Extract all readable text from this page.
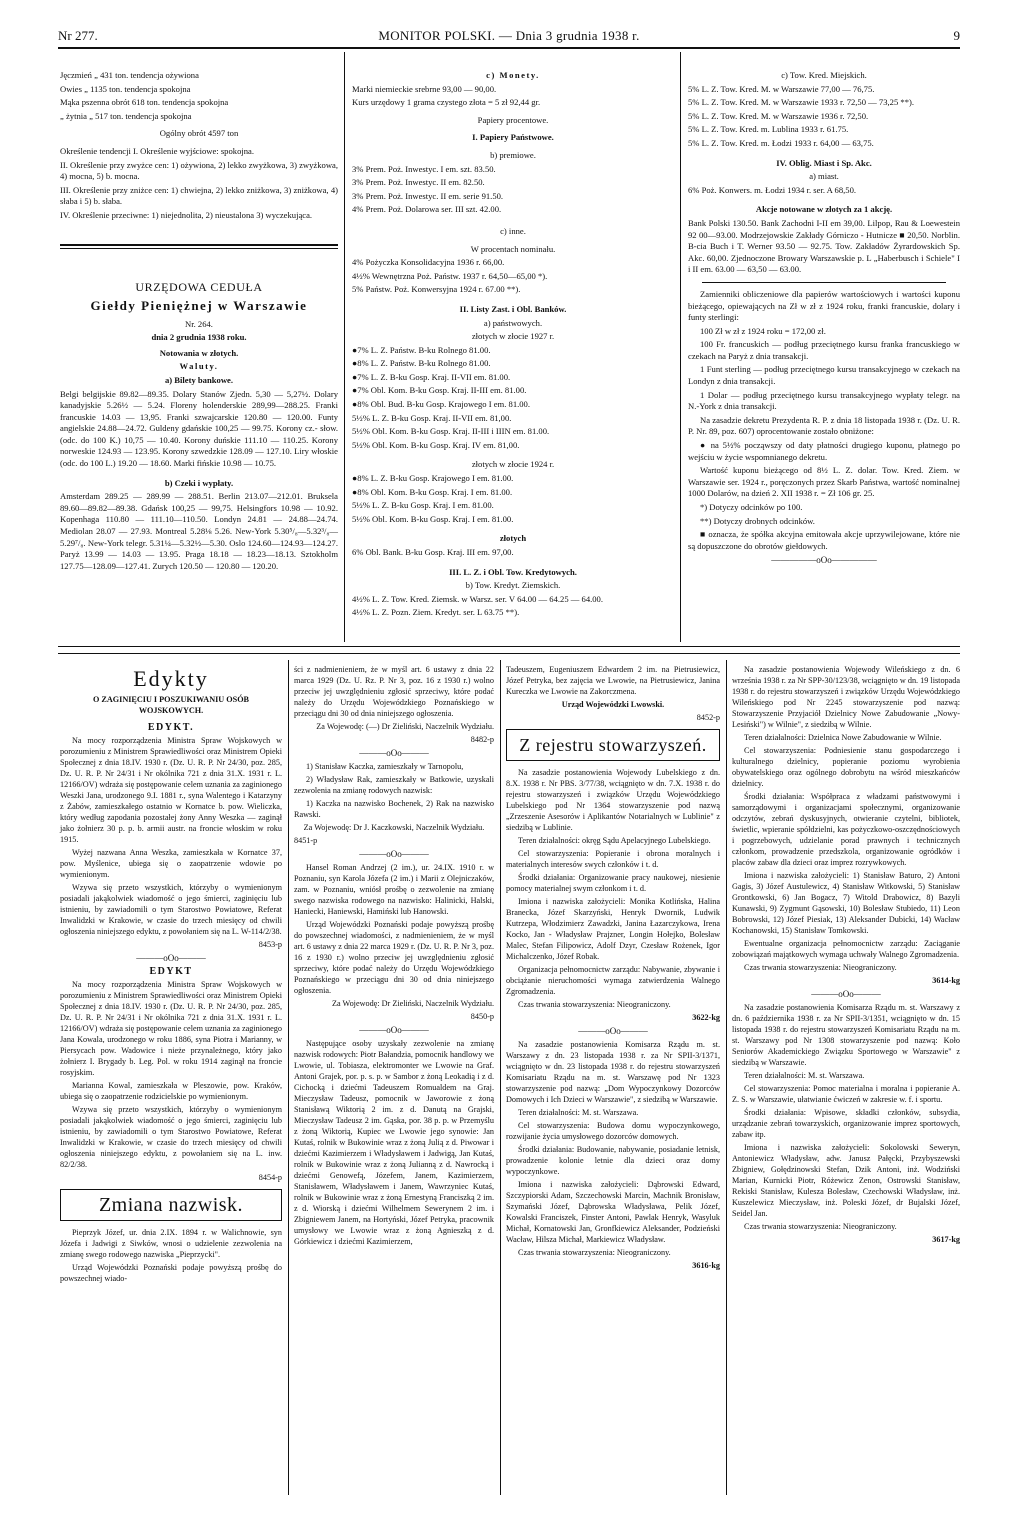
Nr 277.	MONITOR POLSKI. — Dnia 3 grudnia 1938 r.	9

Jęczmień „ 431 ton. tendencja ożywiona

Owies „ 1135 ton. tendencja spokojna

Mąka pszenna obrót 618 ton. tendencja spokojna

„ żytnia „ 517 ton. tendencja spokojna

Ogólny obrót 4597 ton

Określenie tendencji I. Określenie wyjściowe: spokojna.

II. Określenie przy zwyżce cen: 1) ożywiona, 2) lekko zwyżkowa, 3) zwyżkowa, 4) mocna, 5) b. mocna.

III. Określenie przy zniżce cen: 1) chwiejna, 2) lekko zniżkowa, 3) zniżkowa, 4) słaba i 5) b. słaba.

IV. Określenie przeciwne: 1) niejednolita, 2) nieustalona 3) wyczekująca.

URZĘDOWA CEDUŁA

Giełdy Pieniężnej w Warszawie

Nr. 264.

dnia 2 grudnia 1938 roku.

Notowania w złotych.

Waluty.

a) Bilety bankowe.

Belgi belgijskie 89.82—89.35. Dolary Stanów Zjedn. 5,30 — 5,27½. Dolary kanadyjskie 5.26½ — 5.24. Floreny holenderskie 289,99—288.25. Franki francuskie 14.03 — 13,95. Franki szwajcarskie 120.80 — 120.00. Funty angielskie 24.88—24.72. Guldeny gdańskie 100,25 — 99.75. Korony cz.- słow. (odc. do 100 K.) 10,75 — 10.40. Korony duńskie 111.10 — 110.25. Korony norweskie 124.93 — 123.95. Korony szwedzkie 128.09 — 127.10. Liry włoskie (odc. do 100 L.) 19.20 — 18.60. Marki fińskie 10.98 — 10.75.

b) Czeki i wypłaty.

Amsterdam 289.25 — 289.99 — 288.51. Berlin 213.07—212.01. Bruksela 89.60—89.82—89.38. Gdańsk 100,25 — 99,75. Helsingfors 10.98 — 10.92. Kopenhaga 110.80 — 111.10—110.50. Londyn 24.81 — 24.88—24.74. Mediolan 28.07 — 27.93. Montreal 5.28⅛ 5.26. New-York 5.30⁵/₈—5.32³/₈—5.29⁷/₈. New-York telegr. 5.31¼—5.32½—5.30. Oslo 124.60—124.93—124.27. Paryż 13.99 — 14.03 — 13.95. Praga 18.18 — 18.23—18.13. Sztokholm 127.75—128.09—127.41. Zurych 120.50 — 120.80 — 120.20.

c) Monety.

Marki niemieckie srebrne 93,00 — 90,00.

Kurs urzędowy 1 grama czystego złota = 5 zł 92,44 gr.

Papiery procentowe.

I. Papiery Państwowe.

b) premiowe.

3% Prem. Poż. Inwestyc. I em. szt. 83.50.

3% Prem. Poż. Inwestyc. II em. 82.50.

3% Prem. Poż. Inwestyc. II em. serie 91.50.

4% Prem. Poż. Dolarowa ser. III szt. 42.00.

c) inne.

W procentach nominału.

4% Pożyczka Konsolidacyjna 1936 r. 66,00.

4½% Wewnętrzna Poż. Państw. 1937 r. 64,50—65,00 *).

5% Państw. Poż. Konwersyjna 1924 r. 67.00 **).

II. Listy Zast. i Obl. Banków.

a) państwowych.

złotych w złocie 1927 r.

●7% L. Z. Państw. B-ku Rolnego 81.00.

●8% L. Z. Państw. B-ku Rolnego 81.00.

●7% L. Z. B-ku Gosp. Kraj. II-VII em. 81.00.

●7% Obl. Kom. B-ku Gosp. Kraj. II-III em. 81.00.

●8% Obl. Bud. B-ku Gosp. Krajowego I em. 81.00.

5½% L. Z. B-ku Gosp. Kraj. II-VII em. 81,00.

5½% Obl. Kom. B-ku Gosp. Kraj. II-III i IIIN em. 81.00.

5½% Obl. Kom. B-ku Gosp. Kraj. IV em. 81,00.

złotych w złocie 1924 r.

●8% L. Z. B-ku Gosp. Krajowego I em. 81.00.

●8% Obl. Kom. B-ku Gosp. Kraj. I em. 81.00.

5½% L. Z. B-ku Gosp. Kraj. I em. 81.00.

5½% Obl. Kom. B-ku Gosp. Kraj. I em. 81.00.

złotych

6% Obl. Bank. B-ku Gosp. Kraj. III em. 97,00.

III. L. Z. i Obl. Tow. Kredytowych.

b) Tow. Kredyt. Ziemskich.

4½% L. Z. Tow. Kred. Ziemsk. w Warsz. ser. V 64.00 — 64.25 — 64.00.

4½% L. Z. Pozn. Ziem. Kredyt. ser. L 63.75 **).

c) Tow. Kred. Miejskich.

5% L. Z. Tow. Kred. M. w Warszawie 77,00 — 76,75.

5% L. Z. Tow. Kred. M. w Warszawie 1933 r. 72,50 — 73,25 **).

5% L. Z. Tow. Kred. M. w Warszawie 1936 r. 72,50.

5% L. Z. Tow. Kred. m. Lublina 1933 r. 61.75.

5% L. Z. Tow. Kred. m. Łodzi 1933 r. 64,00 — 63,75.

IV. Oblig. Miast i Sp. Akc.

a) miast.

6% Poż. Konwers. m. Łodzi 1934 r. ser. A 68,50.

Akcje notowane w złotych za 1 akcję.

Bank Polski 130.50. Bank Zachodni I-II em 39,00. Lilpop, Rau & Loewestein 92 00—93.00. Modrzejowskie Zakłady Górniczo - Hutnicze ■ 20,50. Norblin. B-cia Buch i T. Werner 93.50 — 92.75. Tow. Zakładów Żyrardowskich Sp. Akc. 60,00. Zjednoczone Browary Warszawskie p. L „Haberbusch i Schiele" I i II em. 63.00 — 63,50 — 63.00.

Zamienniki obliczeniowe dla papierów wartościowych i wartości kuponu bieżącego, opiewających na Zł w zł z 1924 roku, franki francuskie, dolary i funty sterlingi:

100 Zł w zł z 1924 roku = 172,00 zł.

100 Fr. francuskich — podług przeciętnego kursu franka francuskiego w czekach na Paryż z dnia transakcji.

1 Funt sterling — podług przeciętnego kursu transakcyjnego w czekach na Londyn z dnia transakcji.

1 Dolar — podług przeciętnego kursu transakcyjnego wypłaty telegr. na N.-York z dnia transakcji.

Na zasadzie dekretu Prezydenta R. P. z dnia 18 listopada 1938 r. (Dz. U. R. P. Nr. 89, poz. 607) oprocentowanie zostało obniżone:

● na 5½% począwszy od daty płatności drugiego kuponu, płatnego po wejściu w życie wspomnianego dekretu.

Wartość kuponu bieżącego od 8½ L. Z. dolar. Tow. Kred. Ziem. w Warszawie ser. 1924 r., poręczonych przez Skarb Państwa, wartość nominalnej 1000 Dolarów, na dzień 2. XII 1938 r. = Zł 106 gr. 25.

*) Dotyczy odcinków po 100.

**) Dotyczy drobnych odcinków.

■ oznacza, że spółka akcyjna emitowała akcje uprzywilejowane, które nie są dopuszczone do obrotów giełdowych.

—————oOo—————
Edykty

O ZAGINIĘCIU I POSZUKIWANIU OSÓB WOJSKOWYCH.

EDYKT.

Na mocy rozporządzenia Ministra Spraw Wojskowych w porozumieniu z Ministrem Sprawiedliwości oraz Ministrem Opieki Społecznej z dnia 18.IV. 1930 r. (Dz. U. R. P. Nr 24/30, poz. 285, Dz. U. R. P. Nr 24/31 i Nr okólnika 721 z dnia 31.X. 1931 r. L. 12166/OV) wdraża się postępowanie celem uznania za zaginionego Weszki Jana, urodzonego 9.I. 1881 r., syna Walentego i Katarzyny z Żabów, zamieszkałego ostatnio w Kornatce b. pow. Wieliczka, który według zapodania pozostałej żony Anny Weszka — zaginął jako żołnierz 30 p. p. b. armii austr. na froncie włoskim w roku 1915.

Wyżej nazwana Anna Weszka, zamieszkała w Kornatce 37, pow. Myślenice, ubiega się o zaopatrzenie wdowie po wymienionym.

Wzywa się przeto wszystkich, którzyby o wymienionym posiadali jakąkolwiek wiadomość o jego śmierci, zaginięciu lub istnieniu, by zawiadomili o tym Starostwo Powiatowe, Referat Inwalidzki w Krakowie, w czasie do trzech miesięcy od chwili ogłoszenia niniejszego edyktu, z powołaniem się na L. W-114/2/38.

8453-p

———oOo———

EDYKT

Na mocy rozporządzenia Ministra Spraw Wojskowych w porozumieniu z Ministrem Sprawiedliwości oraz Ministrem Opieki Społecznej z dnia 18.IV. 1930 r. (Dz. U. R. P. Nr 24/30, poz. 285, Dz. U. R. P. Nr 24/31 i Nr okólnika 721 z dnia 31.X. 1931 r. L. 12166/OV) wdraża się postępowanie celem uznania za zaginionego Jana Kowala, urodzonego w roku 1886, syna Piotra i Marianny, w Piersycach pow. Wadowice i nieże przynależnego, który jako żołnierz I. Brygady b. Leg. Pol. w roku 1914 zaginął na froncie rosyjskim.

Marianna Kowal, zamieszkała w Pleszowie, pow. Kraków, ubiega się o zaopatrzenie rodzicielskie po wymienionym.

Wzywa się przeto wszystkich, którzyby o wymienionym posiadali jakąkolwiek wiadomość o jego śmierci, zaginięciu lub istnieniu, by zawiadomili o tym Starostwo Powiatowe, Referat Inwalidzki w Krakowie, w czasie do trzech miesięcy od chwili ogłoszenia niniejszego edyktu, z powołaniem się na L. inw. 82/2/38.

8454-p

Zmiana nazwisk.

Pieprzyk Józef, ur. dnia 2.IX. 1894 r. w Walichnowie, syn Józefa i Jadwigi z Siwków, wnosi o udzielenie zezwolenia na zmianę swego rodowego nazwiska „Pieprzycki".

Urząd Wojewódzki Poznański podaje powyższą prośbę do powszechnej wiado-

ści z nadmienieniem, że w myśl art. 6 ustawy z dnia 22 marca 1929 (Dz. U. Rz. P. Nr 3, poz. 16 z 1930 r.) wolno przeciw jej uwzględnieniu zgłosić sprzeciwy, które podać należy do Urzędu Wojewódzkiego Poznańskiego w przeciągu dni 30 od dnia niniejszego ogłoszenia.

Za Wojewodę: (—) Dr Zieliński, Naczelnik Wydziału.

8482-p

———oOo———

1) Stanisław Kaczka, zamieszkały w Tarnopolu,

2) Władysław Rak, zamieszkały w Batkowie, uzyskali zezwolenia na zmianę rodowych nazwisk:

1) Kaczka na nazwisko Bochenek, 2) Rak na nazwisko Rawski.

Za Wojewodę: Dr J. Kaczkowski, Naczelnik Wydziału.

8451-p

———oOo———

Hansel Roman Andrzej (2 im.), ur. 24.IX. 1910 r. w Poznaniu, syn Karola Józefa (2 im.) i Marii z Olejniczaków, zam. w Poznaniu, wniósł prośbę o zezwolenie na zmianę swego nazwiska rodowego na nazwisko: Halinicki, Halski, Haniecki, Haniewski, Hamiński lub Hanowski.

Urząd Wojewódzki Poznański podaje powyższą prośbę do powszechnej wiadomości, z nadmienieniem, że w myśl art. 6 ustawy z dnia 22 marca 1929 r. (Dz. U. R. P. Nr 3, poz. 16 z 1930 r.) wolno przeciw jej uwzględnieniu zgłosić sprzeciwy, które podać należy do Urzędu Wojewódzkiego Poznańskiego w przeciągu dni 30 od dnia niniejszego ogłoszenia.

Za Wojewodę: Dr Zieliński, Naczelnik Wydziału.

8450-p

———oOo———

Następujące osoby uzyskały zezwolenie na zmianę nazwisk rodowych: Piotr Bałandzia, pomocnik handlowy we Lwowie, ul. Tobiasza, elektromonter we Lwowie na Graf. Antoni Grajek, por. p. s. p. w Sambor z żoną Leokadią i z d. Cichocką i dziećmi Tadeuszem Romualdem na Graj. Mieczysław Tadeusz, pomocnik w Jaworowie z żoną Stanisławą Wiktorią 2 im. z d. Danutą na Grajski, Mieczysław Tadeusz 2 im. Gąska, por. 38 p. p. w Przemyślu z żoną Wiktorią, Kupiec we Lwowie jego synowie: Jan Kutaś, rolnik w Bukowinie wraz z żoną Julią z d. Piwowar i dziećmi Kazimierzem i Władysławem i Jadwigą, Jan Kutaś, rolnik w Bukowinie wraz z żoną Julianną z d. Nawrocką i dziećmi Genowefą, Józefem, Janem, Kazimierzem, Stanisławem, Władysławem i Janem, Wawrzyniec Kutaś, rolnik w Bukowinie wraz z żoną Ernestyną Franciszką 2 im. z d. Wiorską i dziećmi Wilhelmem Sewerynem 2 im. i Zbigniewem Janem, na Hortyński, Józef Petryka, pracownik umysłowy we Lwowie wraz z żoną Agnieszką z d. Górkiewicz i dziećmi Kazimierzem,

Tadeuszem, Eugeniuszem Edwardem 2 im. na Pietrusiewicz, Józef Petryka, bez zajęcia we Lwowie, na Pietrusiewicz, Janina Kureczka we Lwowie na Zakorczmena.

Urząd Wojewódzki Lwowski.

8452-p

Z rejestru stowarzyszeń.

Na zasadzie postanowienia Wojewody Lubelskiego z dn. 8.X. 1938 r. Nr PBS. 3/77/38, wciągnięto w dn. 7.X. 1938 r. do rejestru stowarzyszeń i związków Urzędu Wojewódzkiego Lubelskiego pod Nr 1364 stowarzyszenie pod nazwą „Zrzeszenie Asesorów i Aplikantów Notarialnych w Lublinie" z siedzibą w Lublinie.

Teren działalności: okręg Sądu Apelacyjnego Lubelskiego.

Cel stowarzyszenia: Popieranie i obrona moralnych i materialnych interesów swych członków i t. d.

Środki działania: Organizowanie pracy naukowej, niesienie pomocy materialnej swym członkom i t. d.

Imiona i nazwiska założycieli: Monika Kotlińska, Halina Branecka, Józef Skarzyński, Henryk Dwornik, Ludwik Kutrzepa, Włodzimierz Zawadzki, Janina Łazarczykowa, Irena Kocko, Jan - Władysław Prajzner, Longin Hołejko, Bolesław Malec, Stefan Filipowicz, Adolf Dzyr, Czesław Rożenek, Igor Michalczenko, Józef Robak.

Organizacja pełnomocnictw zarządu: Nabywanie, zbywanie i obciążanie nieruchomości wymaga zatwierdzenia Walnego Zgromadzenia.

Czas trwania stowarzyszenia: Nieograniczony.

3622-kg

———oOo———

Na zasadzie postanowienia Komisarza Rządu m. st. Warszawy z dn. 23 listopada 1938 r. za Nr SPII-3/1371, wciągnięto w dn. 23 listopada 1938 r. do rejestru stowarzyszeń Komisariatu Rządu na m. st. Warszawę pod Nr 1323 stowarzyszenie pod nazwą: „Dom Wypoczynkowy Dozorców Domowych i Ich Dzieci w Warszawie", z siedzibą w Warszawie.

Teren działalności: M. st. Warszawa.

Cel stowarzyszenia: Budowa domu wypoczynkowego, rozwijanie życia umysłowego dozorców domowych.

Środki działania: Budowanie, nabywanie, posiadanie letnisk, prowadzenie kolonie letnie dla dzieci oraz domy wypoczynkowe.

Imiona i nazwiska założycieli: Dąbrowski Edward, Szczypiorski Adam, Szczechowski Marcin, Machnik Bronisław, Szymański Józef, Dąbrowska Władysława, Pelik Józef, Kowalski Franciszek, Finster Antoni, Pawlak Henryk, Wasyluk Michał, Kornatowski Jan, Gronfkiewicz Aleksander, Podzieński Wacław, Hilsza Michał, Markiewicz Władysław.

Czas trwania stowarzyszenia: Nieograniczony.

3616-kg

Na zasadzie postanowienia Wojewody Wileńskiego z dn. 6 września 1938 r. za Nr SPP-30/123/38, wciągnięto w dn. 19 listopada 1938 r. do rejestru stowarzyszeń i związków Urzędu Wojewódzkiego Wileńskiego pod Nr 2245 stowarzyszenie pod nazwą: Stowarzyszenie Przyjaciół Dzielnicy Nowe Zabudowanie „Nowy-Lesiński") w Wilnie", z siedzibą w Wilnie.

Teren działalności: Dzielnica Nowe Zabudowanie w Wilnie.

Cel stowarzyszenia: Podniesienie stanu gospodarczego i kulturalnego dzielnicy, popieranie poziomu wyrobienia obywatelskiego oraz ogólnego dobrobytu na wśród mieszkańców dzielnicy.

Środki działania: Współpraca z władzami państwowymi i samorządowymi i organizacjami społecznymi, organizowanie odczytów, zebrań dyskusyjnych, otwieranie czytelni, bibliotek, świetlic, wpieranie spółdzielni, kas pożyczkowo-oszczędnościowych i pogrzebowych, udzielanie porad prawnych i technicznych członkom, prowadzenie przedszkola, organizowanie ogródków i placów zabaw dla dzieci oraz imprez rozrywkowych.

Imiona i nazwiska założycieli: 1) Stanisław Baturo, 2) Antoni Gagis, 3) Józef Austulewicz, 4) Stanisław Witkowski, 5) Stanisław Grontkowski, 6) Jan Bogacz, 7) Witold Drabowicz, 8) Bazyli Kunawski, 9) Zygmunt Gąsowski, 10) Bolesław Stubiedo, 11) Leon Bobrowski, 12) Józef Piesiak, 13) Aleksander Dubicki, 14) Wacław Kochanowski, 15) Stanisław Tomkowski.

Ewentualne organizacja pełnomocnictw zarządu: Zaciąganie zobowiązań majątkowych wymaga uchwały Walnego Zgromadzenia.

Czas trwania stowarzyszenia: Nieograniczony.

3614-kg

———oOo———

Na zasadzie postanowienia Komisarza Rządu m. st. Warszawy z dn. 6 października 1938 r. za Nr SPII-3/1351, wciągnięto w dn. 15 listopada 1938 r. do rejestru stowarzyszeń Komisariatu Rządu na m. st. Warszawy pod Nr 1308 stowarzyszenie pod nazwą: Koło Seniorów Akademickiego Związku Sportowego w Warszawie" z siedzibą w Warszawie.

Teren działalności: M. st. Warszawa.

Cel stowarzyszenia: Pomoc materialna i moralna i popieranie A. Z. S. w Warszawie, ułatwianie ćwiczeń w zakresie w. f. i sportu.

Środki działania: Wpisowe, składki członków, subsydia, urządzanie zebrań towarzyskich, organizowanie imprez sportowych, zabaw itp.

Imiona i nazwiska założycieli: Sokolowski Seweryn, Antoniewicz Władysław, adw. Janusz Pałęcki, Przybyszewski Zbigniew, Gołędzinowski Stefan, Dzik Antoni, inż. Wodziński Marian, Kurnicki Piotr, Różewicz Zenon, Ostrowski Stanisław, Rekiski Stanisław, Kulesza Bolesław, Czechowski Władysław, inż. Kuszelewicz Mieczysław, inż. Poleski Józef, dr Bujalski Józef, Seidel Jan.

Czas trwania stowarzyszenia: Nieograniczony.

3617-kg
